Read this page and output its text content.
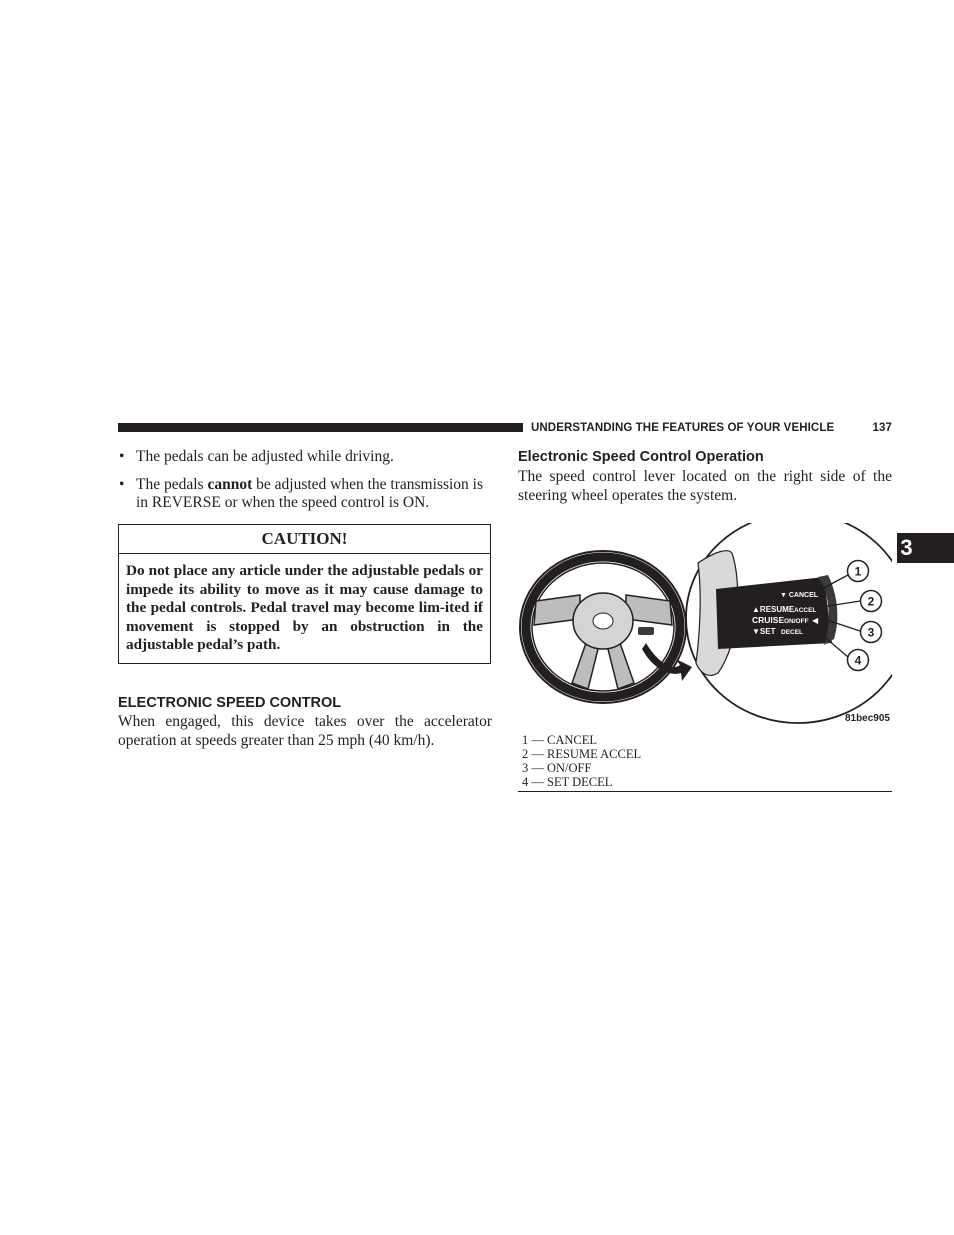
UNDERSTANDING THE FEATURES OF YOUR VEHICLE	137
3
• The pedals can be adjusted while driving.
• The pedals cannot be adjusted when the transmission is in REVERSE or when the speed control is ON.
CAUTION!
Do not place any article under the adjustable pedals or impede its ability to move as it may cause damage to the pedal controls. Pedal travel may become lim-ited if movement is stopped by an obstruction in the adjustable pedal’s path.
ELECTRONIC SPEED CONTROL
When engaged, this device takes over the accelerator operation at speeds greater than 25 mph (40 km/h).
Electronic Speed Control Operation
The speed control lever located on the right side of the steering wheel operates the system.
▼ CANCEL
▲RESUME ACCEL
CRUISE ON/OFF ◀
▼SET DECEL
1
2
3
4
81bec905
1 — CANCEL
2 — RESUME ACCEL
3 — ON/OFF
4 — SET DECEL
